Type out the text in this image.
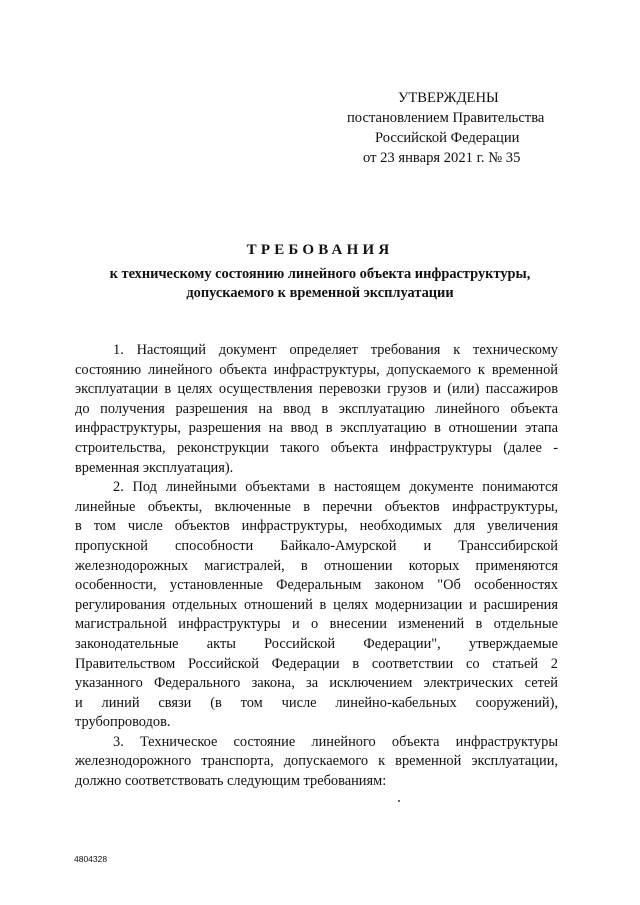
УТВЕРЖДЕНЫ
постановлением Правительства
Российской Федерации
от 23 января 2021 г. № 35
ТРЕБОВАНИЯ
к техническому состоянию линейного объекта инфраструктуры,
допускаемого к временной эксплуатации
1. Настоящий документ определяет требования к техническому
состоянию линейного объекта инфраструктуры, допускаемого к временной
эксплуатации в целях осуществления перевозки грузов и (или) пассажиров
до получения разрешения на ввод в эксплуатацию линейного объекта
инфраструктуры, разрешения на ввод в эксплуатацию в отношении этапа
строительства, реконструкции такого объекта инфраструктуры (далее -
временная эксплуатация).
2. Под линейными объектами в настоящем документе понимаются
линейные объекты, включенные в перечни объектов инфраструктуры,
в том числе объектов инфраструктуры, необходимых для увеличения
пропускной способности Байкало-Амурской и Транссибирской
железнодорожных магистралей, в отношении которых применяются
особенности, установленные Федеральным законом "Об особенностях
регулирования отдельных отношений в целях модернизации и расширения
магистральной инфраструктуры и о внесении изменений в отдельные
законодательные акты Российской Федерации", утверждаемые
Правительством Российской Федерации в соответствии со статьей 2
указанного Федерального закона, за исключением электрических сетей
и линий связи (в том числе линейно-кабельных сооружений),
трубопроводов.
3. Техническое состояние линейного объекта инфраструктуры
железнодорожного транспорта, допускаемого к временной эксплуатации,
должно соответствовать следующим требованиям:
4804328
